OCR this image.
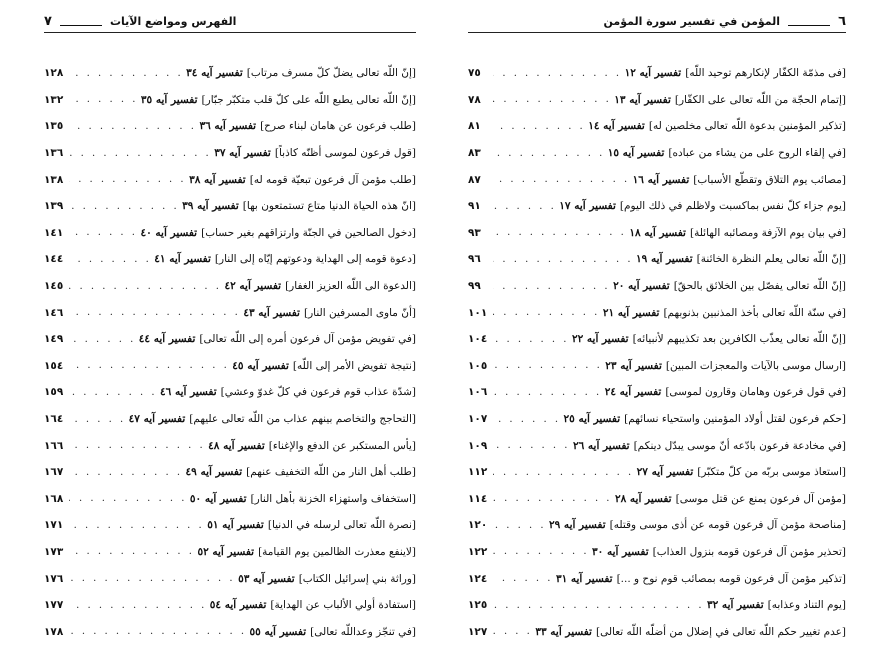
٦
المؤمن في تفسير سورة المؤمن
[فى مذمّة الكفّار لإنكارهم توحيد اللّه]
تفسير آيه ١٢
. . .
٧٥
[إتمام الحجّة من اللّه تعالى على الكفّار]
تفسير آيه ١٣
. . .
٧٨
[تذكير المؤمنين بدعوة اللّه تعالى مخلصين له]
تفسير آيه ١٤
. . .
٨١
[في إلقاء الروح على من يشاء من عباده]
تفسير آيه ١٥
. . .
٨٣
[مصائب يوم التلاق وتقطّع الأسباب]
تفسير آيه ١٦
. . .
٨٧
[يوم جزاء كلّ نفس بماكسبت ولاظلم في ذلك اليوم]
تفسير آيه ١٧
. . .
٩١
[في بيان يوم الآزفة ومصائبه الهائلة]
تفسير آيه ١٨
. . .
٩٣
[إنّ اللّه تعالى يعلم النظرة الخائنة]
تفسير آيه ١٩
. . .
٩٦
[إنّ اللّه تعالى يفصّل بين الخلائق بالحقّ]
تفسير آيه ٢٠
. . .
٩٩
[في سنّة اللّه تعالى بأخذ المذنبين بذنوبهم]
تفسير آيه ٢١
. . .
١٠١
[إنّ اللّه تعالى يعذّب الكافرين بعد تكذيبهم لأنبيائه]
تفسير آيه ٢٢
. . .
١٠٤
[ارسال موسى بالآيات والمعجزات المبين]
تفسير آيه ٢٣
. . .
١٠٥
[في قول فرعون وهامان وقارون لموسى]
تفسير آيه ٢٤
. . .
١٠٦
[حكم فرعون لقتل أولاد المؤمنين واستحياء نسائهم]
تفسير آيه ٢٥
. . .
١٠٧
[في مخادعة فرعون بادّعه أنّ موسى يبدّل دينكم]
تفسير آيه ٢٦
. . .
١٠٩
[استعاذ موسى بربّه من كلّ متكبّر]
تفسير آيه ٢٧
. . .
١١٢
[مؤمن آل فرعون يمنع عن قتل موسى]
تفسير آيه ٢٨
. . .
١١٤
[مناصحة مؤمن آل فرعون قومه عن أذى موسى وقتله]
تفسير آيه ٢٩
. . .
١٢٠
[تحذير مؤمن آل فرعون قومه بنزول العذاب]
تفسير آيه ٣٠
. . .
١٢٢
[تذكير مؤمن آل فرعون قومه بمصائب قوم نوح و ...]
تفسير آيه ٣١
. . .
١٢٤
[يوم التناد وعذابه]
تفسير آيه ٣٢
. . .
١٢٥
[عدم تغيير حكم اللّه تعالى في إضلال من أضلّه اللّه تعالى]
تفسير آيه ٣٣
. . .
١٢٧
الفهرس ومواضع الآيات
٧
[إنّ اللّه تعالى يضلّ كلّ مسرف مرتاب]
تفسير آيه ٣٤
. . .
١٢٨
[إنّ اللّه تعالى يطبع اللّه على كلّ قلب متكبّر جبّار]
تفسير آيه ٣٥
. . .
١٣٢
[طلب فرعون عن هامان لبناء صرح]
تفسير آيه ٣٦
. . .
١٣٥
[قول فرعون لموسى أظنّه كاذباً]
تفسير آيه ٣٧
. . .
١٣٦
[طلب مؤمن آل فرعون تبعيّة قومه له]
تفسير آيه ٣٨
. . .
١٣٨
[انّ هذه الحياة الدنيا متاع تستمتعون بها]
تفسير آيه ٣٩
. . .
١٣٩
[دخول الصالحين في الجنّة وارتزاقهم بغير حساب]
تفسير آيه ٤٠
. . .
١٤١
[دعوة قومه إلى الهداية ودعوتهم إيّاه إلى النار]
تفسير آيه ٤١
. . .
١٤٤
[الدعوة الى اللّه العزيز الغفار]
تفسير آيه ٤٢
. . .
١٤٥
[أنّ ماوى المسرفين النار]
تفسير آيه ٤٣
. . .
١٤٦
[في تفويض مؤمن آل فرعون أمره إلى اللّه تعالى]
تفسير آيه ٤٤
. . .
١٤٩
[نتيجة تفويض الأمر إلى اللّه]
تفسير آيه ٤٥
. . .
١٥٤
[شدّة عذاب قوم فرعون في كلّ غدوّ وعشي]
تفسير آيه ٤٦
. . .
١٥٩
[التحاجج والتخاصم بينهم عذاب من اللّه تعالى عليهم]
تفسير آيه ٤٧
. . .
١٦٤
[يأس المستكبر عن الدفع والإغناء]
تفسير آيه ٤٨
. . .
١٦٦
[طلب أهل النار من اللّه التخفيف عنهم]
تفسير آيه ٤٩
. . .
١٦٧
[استخفاف واستهزاء الخزنة بأهل النار]
تفسير آيه ٥٠
. . .
١٦٨
[نصرة اللّه تعالى لرسله في الدنيا]
تفسير آيه ٥١
. . .
١٧١
[لاينفع معذرت الظالمين يوم القيامة]
تفسير آيه ٥٢
. . .
١٧٣
[وراثة بني إسرائيل الكتاب]
تفسير آيه ٥٣
. . .
١٧٦
[استفادة أولي الألباب عن الهداية]
تفسير آيه ٥٤
. . .
١٧٧
[في تنجّز وعداللّه تعالى]
تفسير آيه ٥٥
. . .
١٧٨
